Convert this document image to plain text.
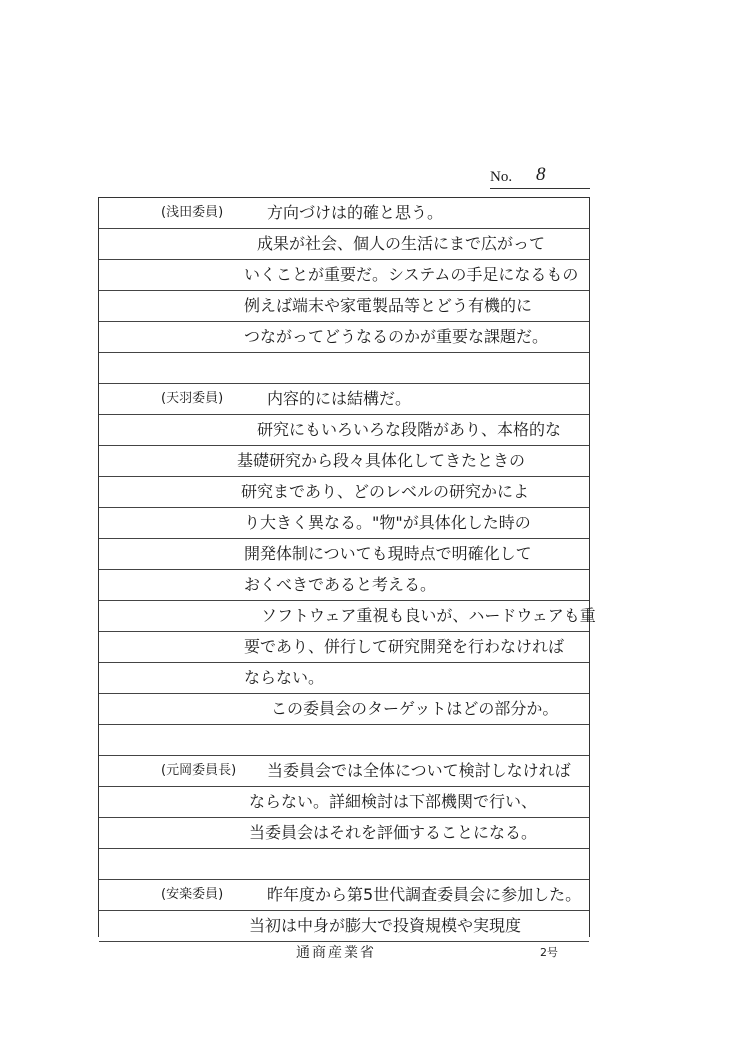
No. 8
(浅田委員)	方向づけは的確と思う。
成果が社会、個人の生活にまで広がって
いくことが重要だ。システムの手足になるもの
例えば端末や家電製品等とどう有機的に
つながってどうなるのかが重要な課題だ。
(天羽委員)	内容的には結構だ。
研究にもいろいろな段階があり、本格的な
基礎研究から段々具体化してきたときの
研究まであり、どのレベルの研究かによ
り大きく異なる。"物"が具体化した時の
開発体制についても現時点で明確化して
おくべきであると考える。
ソフトウェア重視も良いが、ハードウェアも重
要であり、併行して研究開発を行わなければ
ならない。
この委員会のターゲットはどの部分か。
(元岡委員長) 当委員会では全体について検討しなければ
ならない。詳細検討は下部機関で行い、
当委員会はそれを評価することになる。
(安楽委員)	昨年度から第5世代調査委員会に参加した。
当初は中身が膨大で投資規模や実現度
通商産業省	2号
